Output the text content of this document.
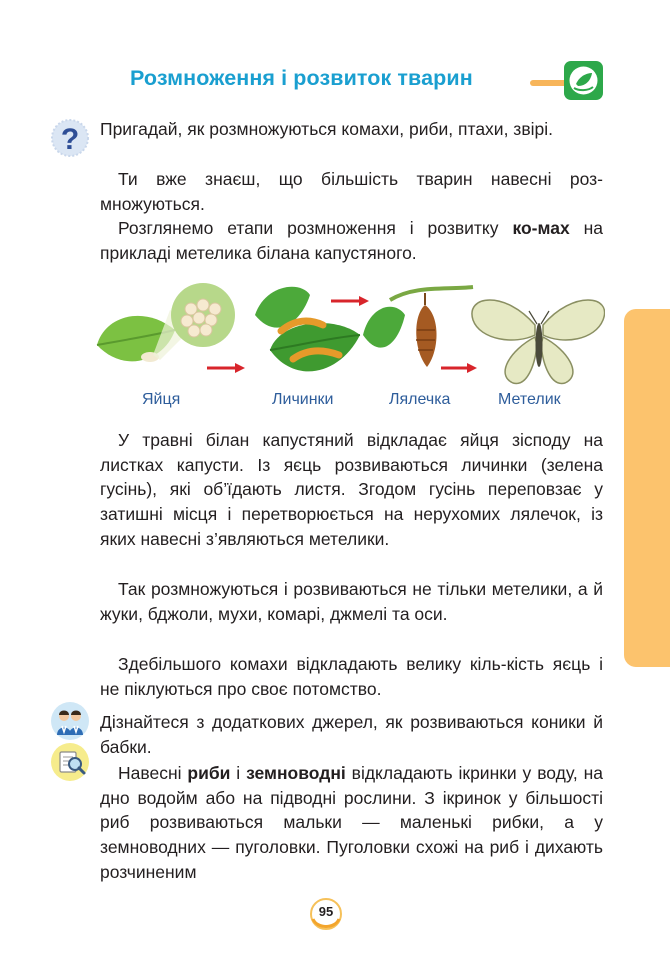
Розмноження і розвиток тварин
? Пригадай, як розмножуються комахи, риби, птахи, звірі.
Ти вже знаєш, що більшість тварин навесні роз-множуються.
Розглянемо етапи розмноження і розвитку ко-мах на прикладі метелика білана капустяного.
Яйця	Личинки	Лялечка	Метелик
У травні білан капустяний відкладає яйця зісподу на листках капусти. Із яєць розвиваються личинки (зелена гусінь), які об’їдають листя. Згодом гусінь переповзає у затишні місця і перетворюється на нерухомих лялечок, із яких навесні з’являються метелики.
Так розмножуються і розвиваються не тільки метелики, а й жуки, бджоли, мухи, комарі, джмелі та оси.
Здебільшого комахи відкладають велику кіль-кість яєць і не піклуються про своє потомство.
Дізнайтеся з додаткових джерел, як розвиваються коники й бабки.
Навесні риби і земноводні відкладають ікринки у воду, на дно водойм або на підводні рослини. З ікринок у більшості риб розвиваються мальки — маленькі рибки, а у земноводних — пуголовки. Пуголовки схожі на риб і дихають розчиненим
95
